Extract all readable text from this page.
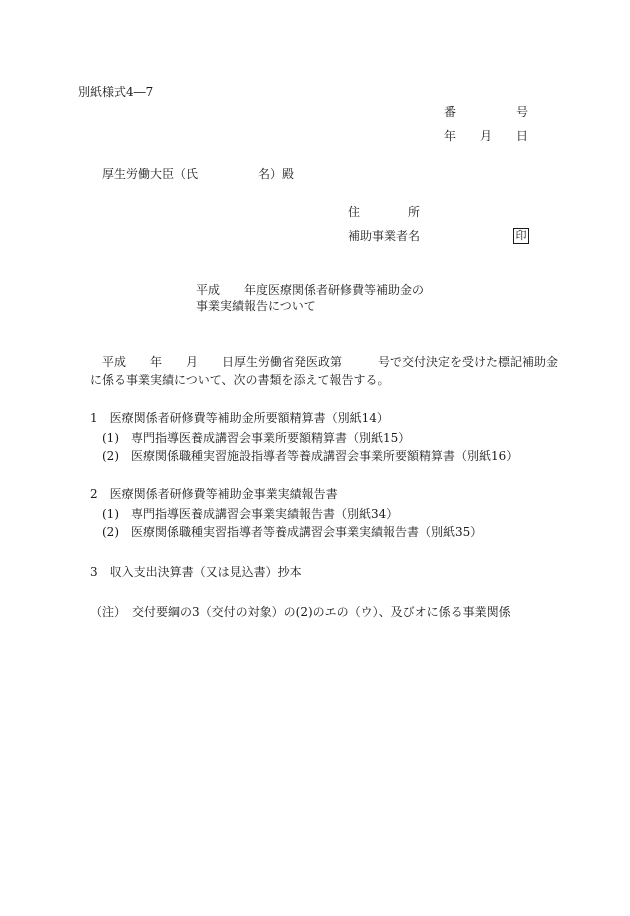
別紙様式4―7
番	号
年 月 日
厚生労働大臣（氏　　　　　名）殿
住	所
補助事業者名	印
平成　　年度医療関係者研修費等補助金の
事業実績報告について
平成　　年　　月　　日厚生労働省発医政第　　　号で交付決定を受けた標記補助金
に係る事業実績について、次の書類を添えて報告する。
1　医療関係者研修費等補助金所要額精算書（別紙14）
(1)　専門指導医養成講習会事業所要額精算書（別紙15）
(2)　医療関係職種実習施設指導者等養成講習会事業所要額精算書（別紙16）
2　医療関係者研修費等補助金事業実績報告書
(1)　専門指導医養成講習会事業実績報告書（別紙34）
(2)　医療関係職種実習指導者等養成講習会事業実績報告書（別紙35）
3　収入支出決算書（又は見込書）抄本
（注）　交付要綱の3（交付の対象）の(2)のエの（ウ）、及びオに係る事業関係
